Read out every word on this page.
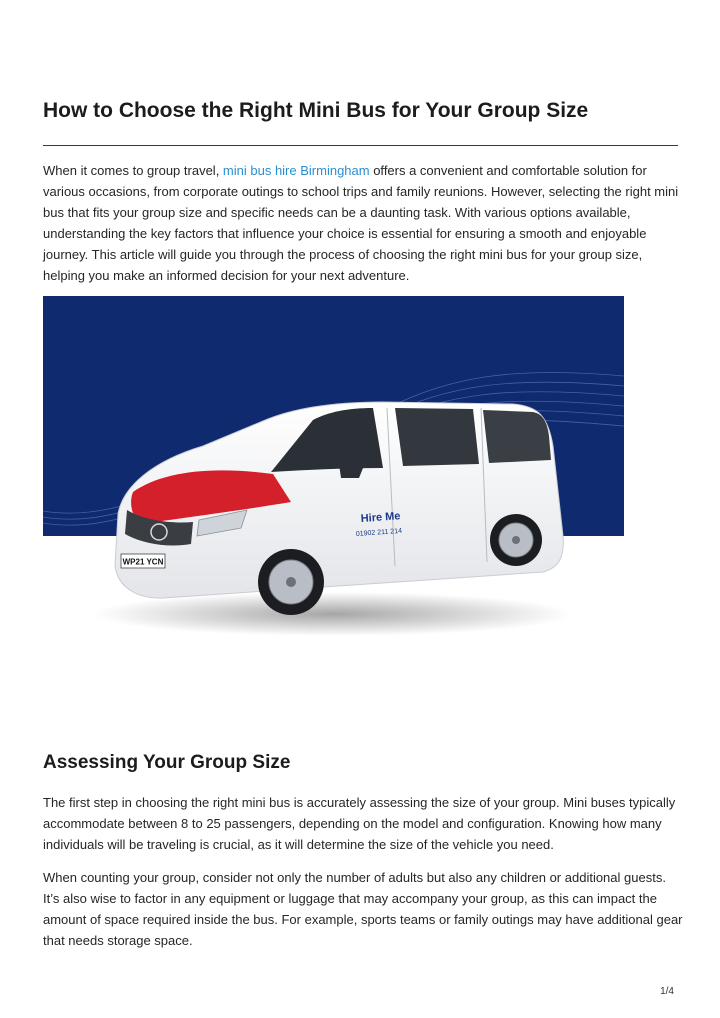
How to Choose the Right Mini Bus for Your Group Size

When it comes to group travel, mini bus hire Birmingham offers a convenient and comfortable solution for various occasions, from corporate outings to school trips and family reunions. However, selecting the right mini bus that fits your group size and specific needs can be a daunting task. With various options available, understanding the key factors that influence your choice is essential for ensuring a smooth and enjoyable journey. This article will guide you through the process of choosing the right mini bus for your group size, helping you make an informed decision for your next adventure.

WP21 YCN
Hire Me
01902 211 214
Assessing Your Group Size

The first step in choosing the right mini bus is accurately assessing the size of your group. Mini buses typically accommodate between 8 to 25 passengers, depending on the model and configuration. Knowing how many individuals will be traveling is crucial, as it will determine the size of the vehicle you need.

When counting your group, consider not only the number of adults but also any children or additional guests. It’s also wise to factor in any equipment or luggage that may accompany your group, as this can impact the amount of space required inside the bus. For example, sports teams or family outings may have additional gear that needs storage space.

1/4
